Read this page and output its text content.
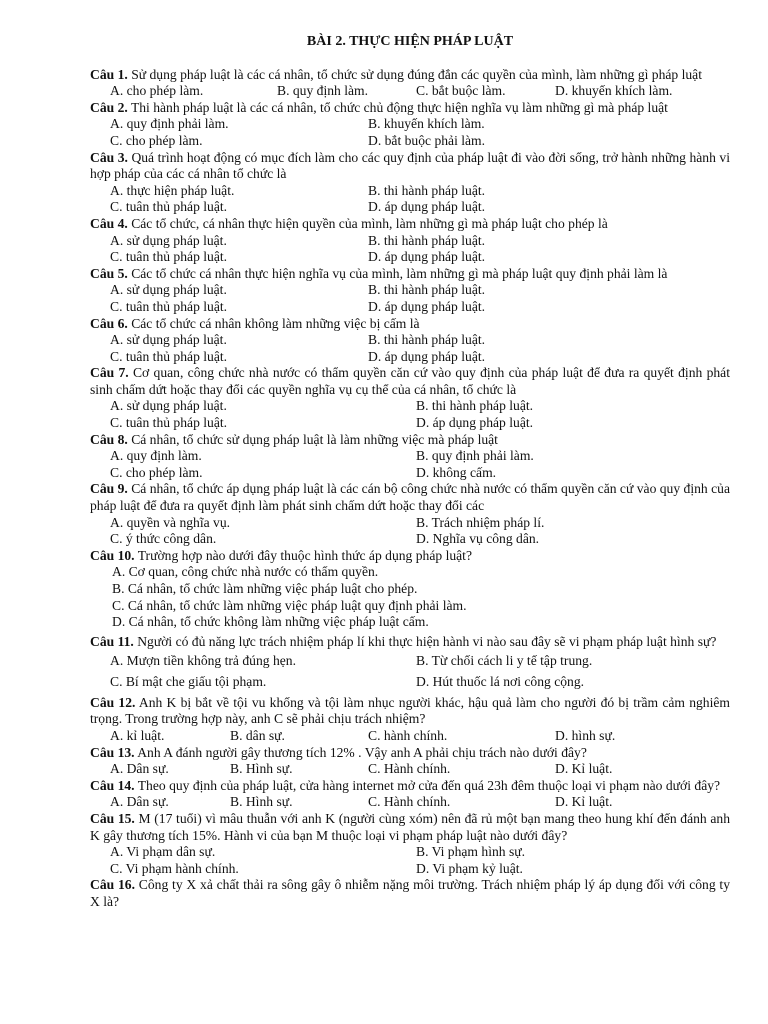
BÀI 2. THỰC HIỆN PHÁP LUẬT
Câu 1. Sử dụng pháp luật là các cá nhân, tổ chức sử dụng đúng đắn các quyền của mình, làm những gì pháp luật
A. cho phép làm.	B. quy định làm.	C. bắt buộc làm.	D. khuyến khích làm.
Câu 2. Thi hành pháp luật là các cá nhân, tổ chức chủ động thực hiện nghĩa vụ làm những gì mà pháp luật
A. quy định phải làm.	B. khuyến khích làm.
C. cho phép làm.	D. bắt buộc phải làm.
Câu 3. Quá trình hoạt động có mục đích làm cho các quy định của pháp luật đi vào đời sống, trở hành những hành vi hợp pháp của các cá nhân tổ chức là
A. thực hiện pháp luật.	B. thi hành pháp luật.
C. tuân thủ pháp luật.	D. áp dụng pháp luật.
Câu 4. Các tổ chức, cá nhân thực hiện quyền của mình, làm những gì mà pháp luật cho phép là
A. sử dụng pháp luật.	B. thi hành pháp luật.
C. tuân thủ pháp luật.	D. áp dụng pháp luật.
Câu 5. Các tổ chức cá nhân thực hiện nghĩa vụ của mình, làm những gì mà pháp luật quy định phải làm là
A. sử dụng pháp luật.	B. thi hành pháp luật.
C. tuân thủ pháp luật.	D. áp dụng pháp luật.
Câu 6. Các tổ chức cá nhân không làm những việc bị cấm là
A. sử dụng pháp luật.	B. thi hành pháp luật.
C. tuân thủ pháp luật.	D. áp dụng pháp luật.
Câu 7. Cơ quan, công chức nhà nước có thẩm quyền căn cứ vào quy định của pháp luật để đưa ra quyết định phát sinh chấm dứt hoặc thay đổi các quyền nghĩa vụ cụ thể của cá nhân, tổ chức là
A. sử dụng pháp luật.	B. thi hành pháp luật.
C. tuân thủ pháp luật.	D. áp dụng pháp luật.
Câu 8. Cá nhân, tổ chức sử dụng pháp luật là làm những việc mà pháp luật
A. quy định làm.	B. quy định phải làm.
C. cho phép làm.	D. không cấm.
Câu 9. Cá nhân, tổ chức áp dụng pháp luật là các cán bộ công chức nhà nước có thẩm quyền căn cứ vào quy định của pháp luật để đưa ra quyết định làm phát sinh chấm dứt hoặc thay đổi các
A. quyền và nghĩa vụ.	B. Trách nhiệm pháp lí.
C. ý thức công dân.	D. Nghĩa vụ công dân.
Câu 10. Trường hợp nào dưới đây thuộc hình thức áp dụng pháp luật?
A. Cơ quan, công chức nhà nước có thẩm quyền.
B. Cá nhân, tổ chức làm những việc pháp luật cho phép.
C. Cá nhân, tổ chức làm những việc pháp luật quy định phải làm.
D. Cá nhân, tổ chức không làm những việc pháp luật cấm.
Câu 11. Người có đủ năng lực trách nhiệm pháp lí khi thực hiện hành vi nào sau đây sẽ vi phạm pháp luật hình sự?
A. Mượn tiền không trả đúng hẹn.	B. Từ chối cách li y tế tập trung.
C. Bí mật che giấu tội phạm.	D. Hút thuốc lá nơi công cộng.
Câu 12. Anh K bị bắt về tội vu khống và tội làm nhục người khác, hậu quả làm cho người đó bị trầm cảm nghiêm trọng. Trong trường hợp này, anh C sẽ phải chịu trách nhiệm?
A. kỉ luật.	B. dân sự.	C. hành chính.	D. hình sự.
Câu 13. Anh A đánh người gây thương tích 12% . Vậy anh A phải chịu trách nào dưới đây?
A. Dân sự.	B. Hình sự.	C. Hành chính.	D. Kỉ luật.
Câu 14. Theo quy định của pháp luật, cửa hàng internet mở cửa đến quá 23h đêm thuộc loại vi phạm nào dưới đây?
A. Dân sự.	B. Hình sự.	C. Hành chính.	D. Kỉ luật.
Câu 15. M (17 tuổi) vì mâu thuẫn với anh K (người cùng xóm) nên đã rủ một bạn mang theo hung khí đến đánh anh K gây thương tích 15%. Hành vi của bạn M thuộc loại vi phạm pháp luật nào dưới đây?
A. Vi phạm dân sự.	B. Vi phạm hình sự.
C. Vi phạm hành chính.	D. Vi phạm kỷ luật.
Câu 16. Công ty X xả chất thải ra sông gây ô nhiễm nặng môi trường. Trách nhiệm pháp lý áp dụng đối với công ty X là?
